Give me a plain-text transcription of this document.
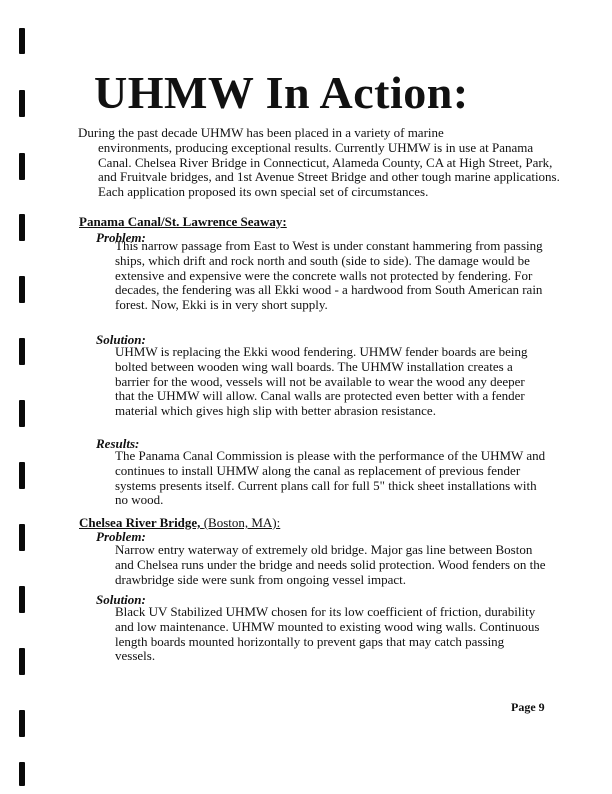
UHMW In Action:

During the past decade UHMW has been placed in a variety of marine
environments, producing exceptional results. Currently UHMW is in use at Panama Canal. Chelsea River Bridge in Connecticut, Alameda County, CA at High Street, Park, and Fruitvale bridges, and 1st Avenue Street Bridge and other tough marine applications. Each application proposed its own special set of circumstances.

Panama Canal/St. Lawrence Seaway:

Problem:

This narrow passage from East to West is under constant hammering from passing ships, which drift and rock north and south (side to side). The damage would be extensive and expensive were the concrete walls not protected by fendering. For decades, the fendering was all Ekki wood - a hardwood from South American rain forest. Now, Ekki is in very short supply.

Solution:

UHMW is replacing the Ekki wood fendering. UHMW fender boards are being bolted between wooden wing wall boards. The UHMW installation creates a barrier for the wood, vessels will not be available to wear the wood any deeper that the UHMW will allow. Canal walls are protected even better with a fender material which gives high slip with better abrasion resistance.

Results:

The Panama Canal Commission is please with the performance of the UHMW and continues to install UHMW along the canal as replacement of previous fender systems presents itself. Current plans call for full 5" thick sheet installations with no wood.

Chelsea River Bridge, (Boston, MA):

Problem:

Narrow entry waterway of extremely old bridge. Major gas line between Boston and Chelsea runs under the bridge and needs solid protection. Wood fenders on the drawbridge side were sunk from ongoing vessel impact.

Solution:

Black UV Stabilized UHMW chosen for its low coefficient of friction, durability and low maintenance. UHMW mounted to existing wood wing walls. Continuous length boards mounted horizontally to prevent gaps that may catch passing vessels.

Page 9
